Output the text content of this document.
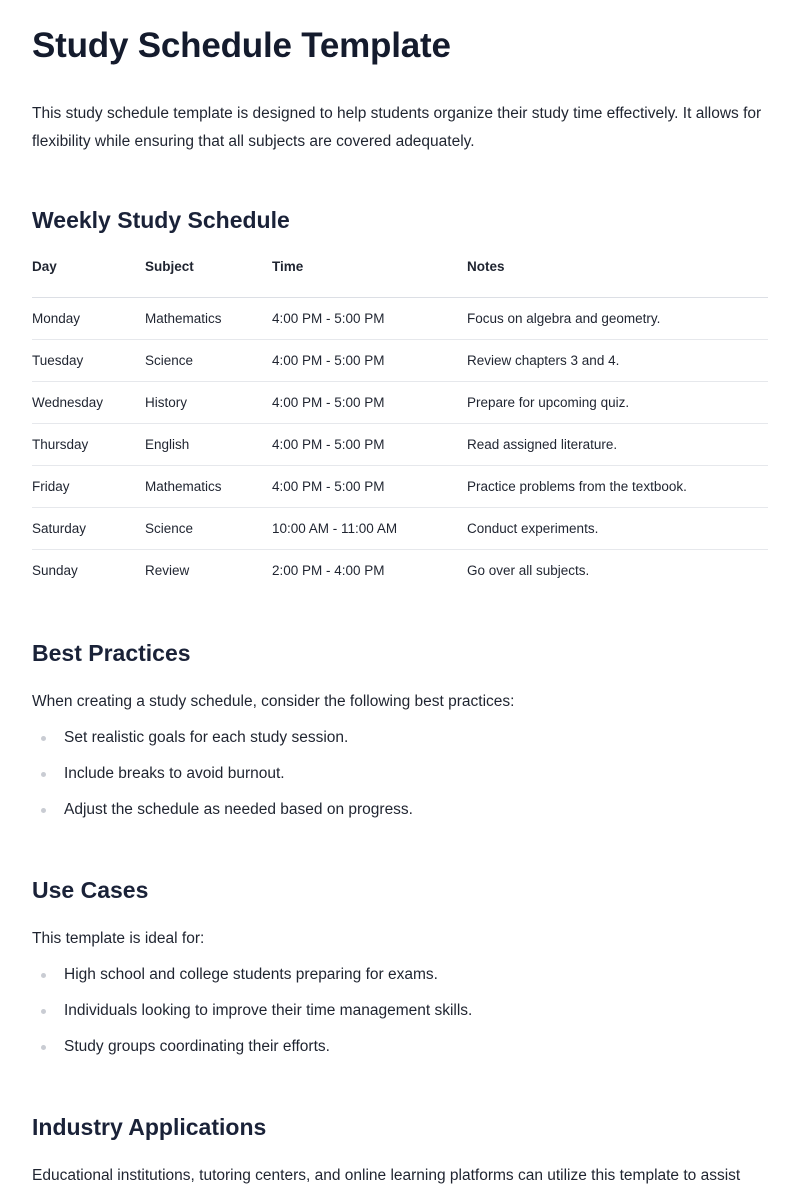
Study Schedule Template

This study schedule template is designed to help students organize their study time effectively. It allows for flexibility while ensuring that all subjects are covered adequately.

Weekly Study Schedule
Day	Subject	Time	Notes
Monday	Mathematics	4:00 PM - 5:00 PM	Focus on algebra and geometry.
Tuesday	Science	4:00 PM - 5:00 PM	Review chapters 3 and 4.
Wednesday	History	4:00 PM - 5:00 PM	Prepare for upcoming quiz.
Thursday	English	4:00 PM - 5:00 PM	Read assigned literature.
Friday	Mathematics	4:00 PM - 5:00 PM	Practice problems from the textbook.
Saturday	Science	10:00 AM - 11:00 AM	Conduct experiments.
Sunday	Review	2:00 PM - 4:00 PM	Go over all subjects.
Best Practices

When creating a study schedule, consider the following best practices:

Set realistic goals for each study session.
Include breaks to avoid burnout.
Adjust the schedule as needed based on progress.
Use Cases

This template is ideal for:

High school and college students preparing for exams.
Individuals looking to improve their time management skills.
Study groups coordinating their efforts.
Industry Applications

Educational institutions, tutoring centers, and online learning platforms can utilize this template to assist
